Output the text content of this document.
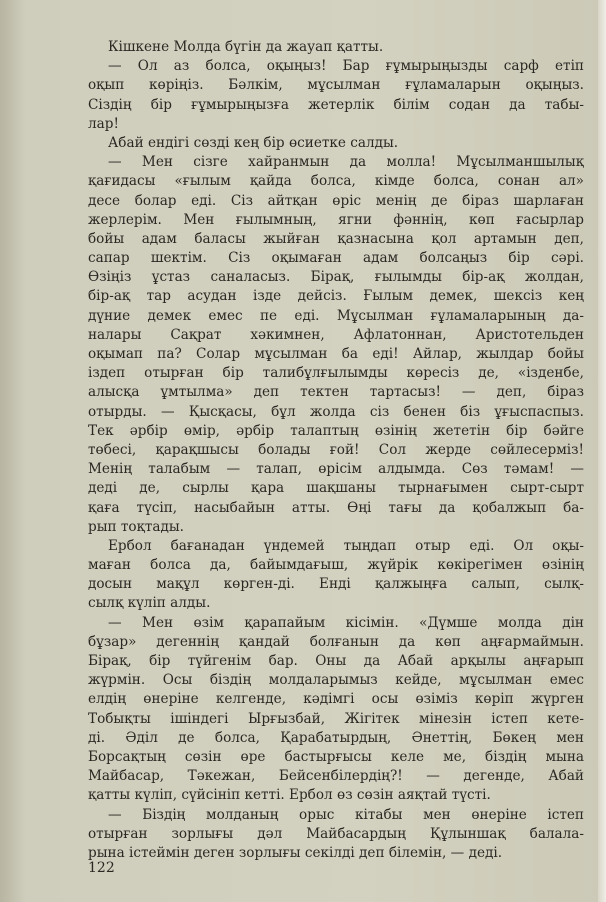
Кішкене Молда бүгін да жауап қатты.
— Ол аз болса, оқыңыз! Бар ғұмырыңызды сарф етіп
оқып көріңіз. Бәлкім, мұсылман ғұламаларын оқыңыз.
Сіздің бір ғұмырыңызға жетерлік білім содан да табы-
лар!
Абай ендігі сөзді кең бір өсиетке салды.
— Мен сізге хайранмын да молла! Мұсылманшылық
қағидасы «ғылым қайда болса, кімде болса, сонан ал»
десе болар еді. Сіз айтқан өріс менің де біраз шарлаған
жерлерім. Мен ғылымның, ягни фәннің, көп ғасырлар
бойы адам баласы жыйған қазнасына қол артамын деп,
сапар шектім. Сіз оқымаған адам болсаңыз бір сәрі.
Өзіңіз ұстаз саналасыз. Бірақ, ғылымды бір-ақ жолдан,
бір-ақ тар асудан іздe дейсіз. Ғылым демек, шексіз кең
дүние демек емес пе еді. Мұсылман ғұламаларының да-
налары Сақрат хәкимнен, Афлатоннан, Аристотельден
оқымап па? Солар мұсылман ба еді! Айлар, жылдар бойы
іздеп отырған бір талибұлғылымды көресіз де, «ізденбе,
алысқа ұмтылма» деп тектен тартасыз! — деп, біраз
отырды. — Қысқасы, бұл жолда сіз бенен біз ұғыспаспыз.
Тек әрбір өмір, әрбір талаптың өзінің жететін бір бәйге
төбесі, қарақшысы болады ғой! Сол жерде сөйлесерміз!
Менің талабым — талап, өрісім алдымда. Сөз тәмам! —
деді де, сырлы қара шақшаны тырнағымен сырт-сырт
қаға түсіп, насыбайын атты. Өңі тағы да қобалжып ба-
рып тоқтады.
Ербол бағанадан үндемей тыңдап отыр еді. Ол оқы-
маған болса да, байымдағыш, жүйрік көкірегімен өзінің
досын мақұл көрген-ді. Енді қалжыңға салып, сылқ-
сылқ күліп алды.
— Мен өзім қарапайым кісімін. «Дүмше молда дін
бұзар» дегеннің қандай болғанын да көп аңғармаймын.
Бірақ, бір түйгенім бар. Оны да Абай арқылы аңғарып
жүрмін. Осы біздің молдаларымыз кейде, мұсылман емес
елдің өнеріне келгенде, кәдімгі осы өзіміз көріп жүрген
Тобықты ішіндегі Ырғызбай, Жігітек мінезін істеп кете-
ді. Әділ де болса, Қарабатырдың, Әнеттің, Бөкең мен
Борсақтың сөзін өре бастырғысы келе ме, біздің мына
Майбасар, Тәкежан, Бейсенбілердің?! — дегенде, Абай
қатты күліп, сүйсініп кетті. Ербол өз сөзін аяқтай түсті.
— Біздің молданың орыс кітабы мен өнеріне істеп
отырған зорлығы дәл Майбасардың Құлыншақ балала-
рына істеймін деген зорлығы секілді деп білемін, — деді.
122
